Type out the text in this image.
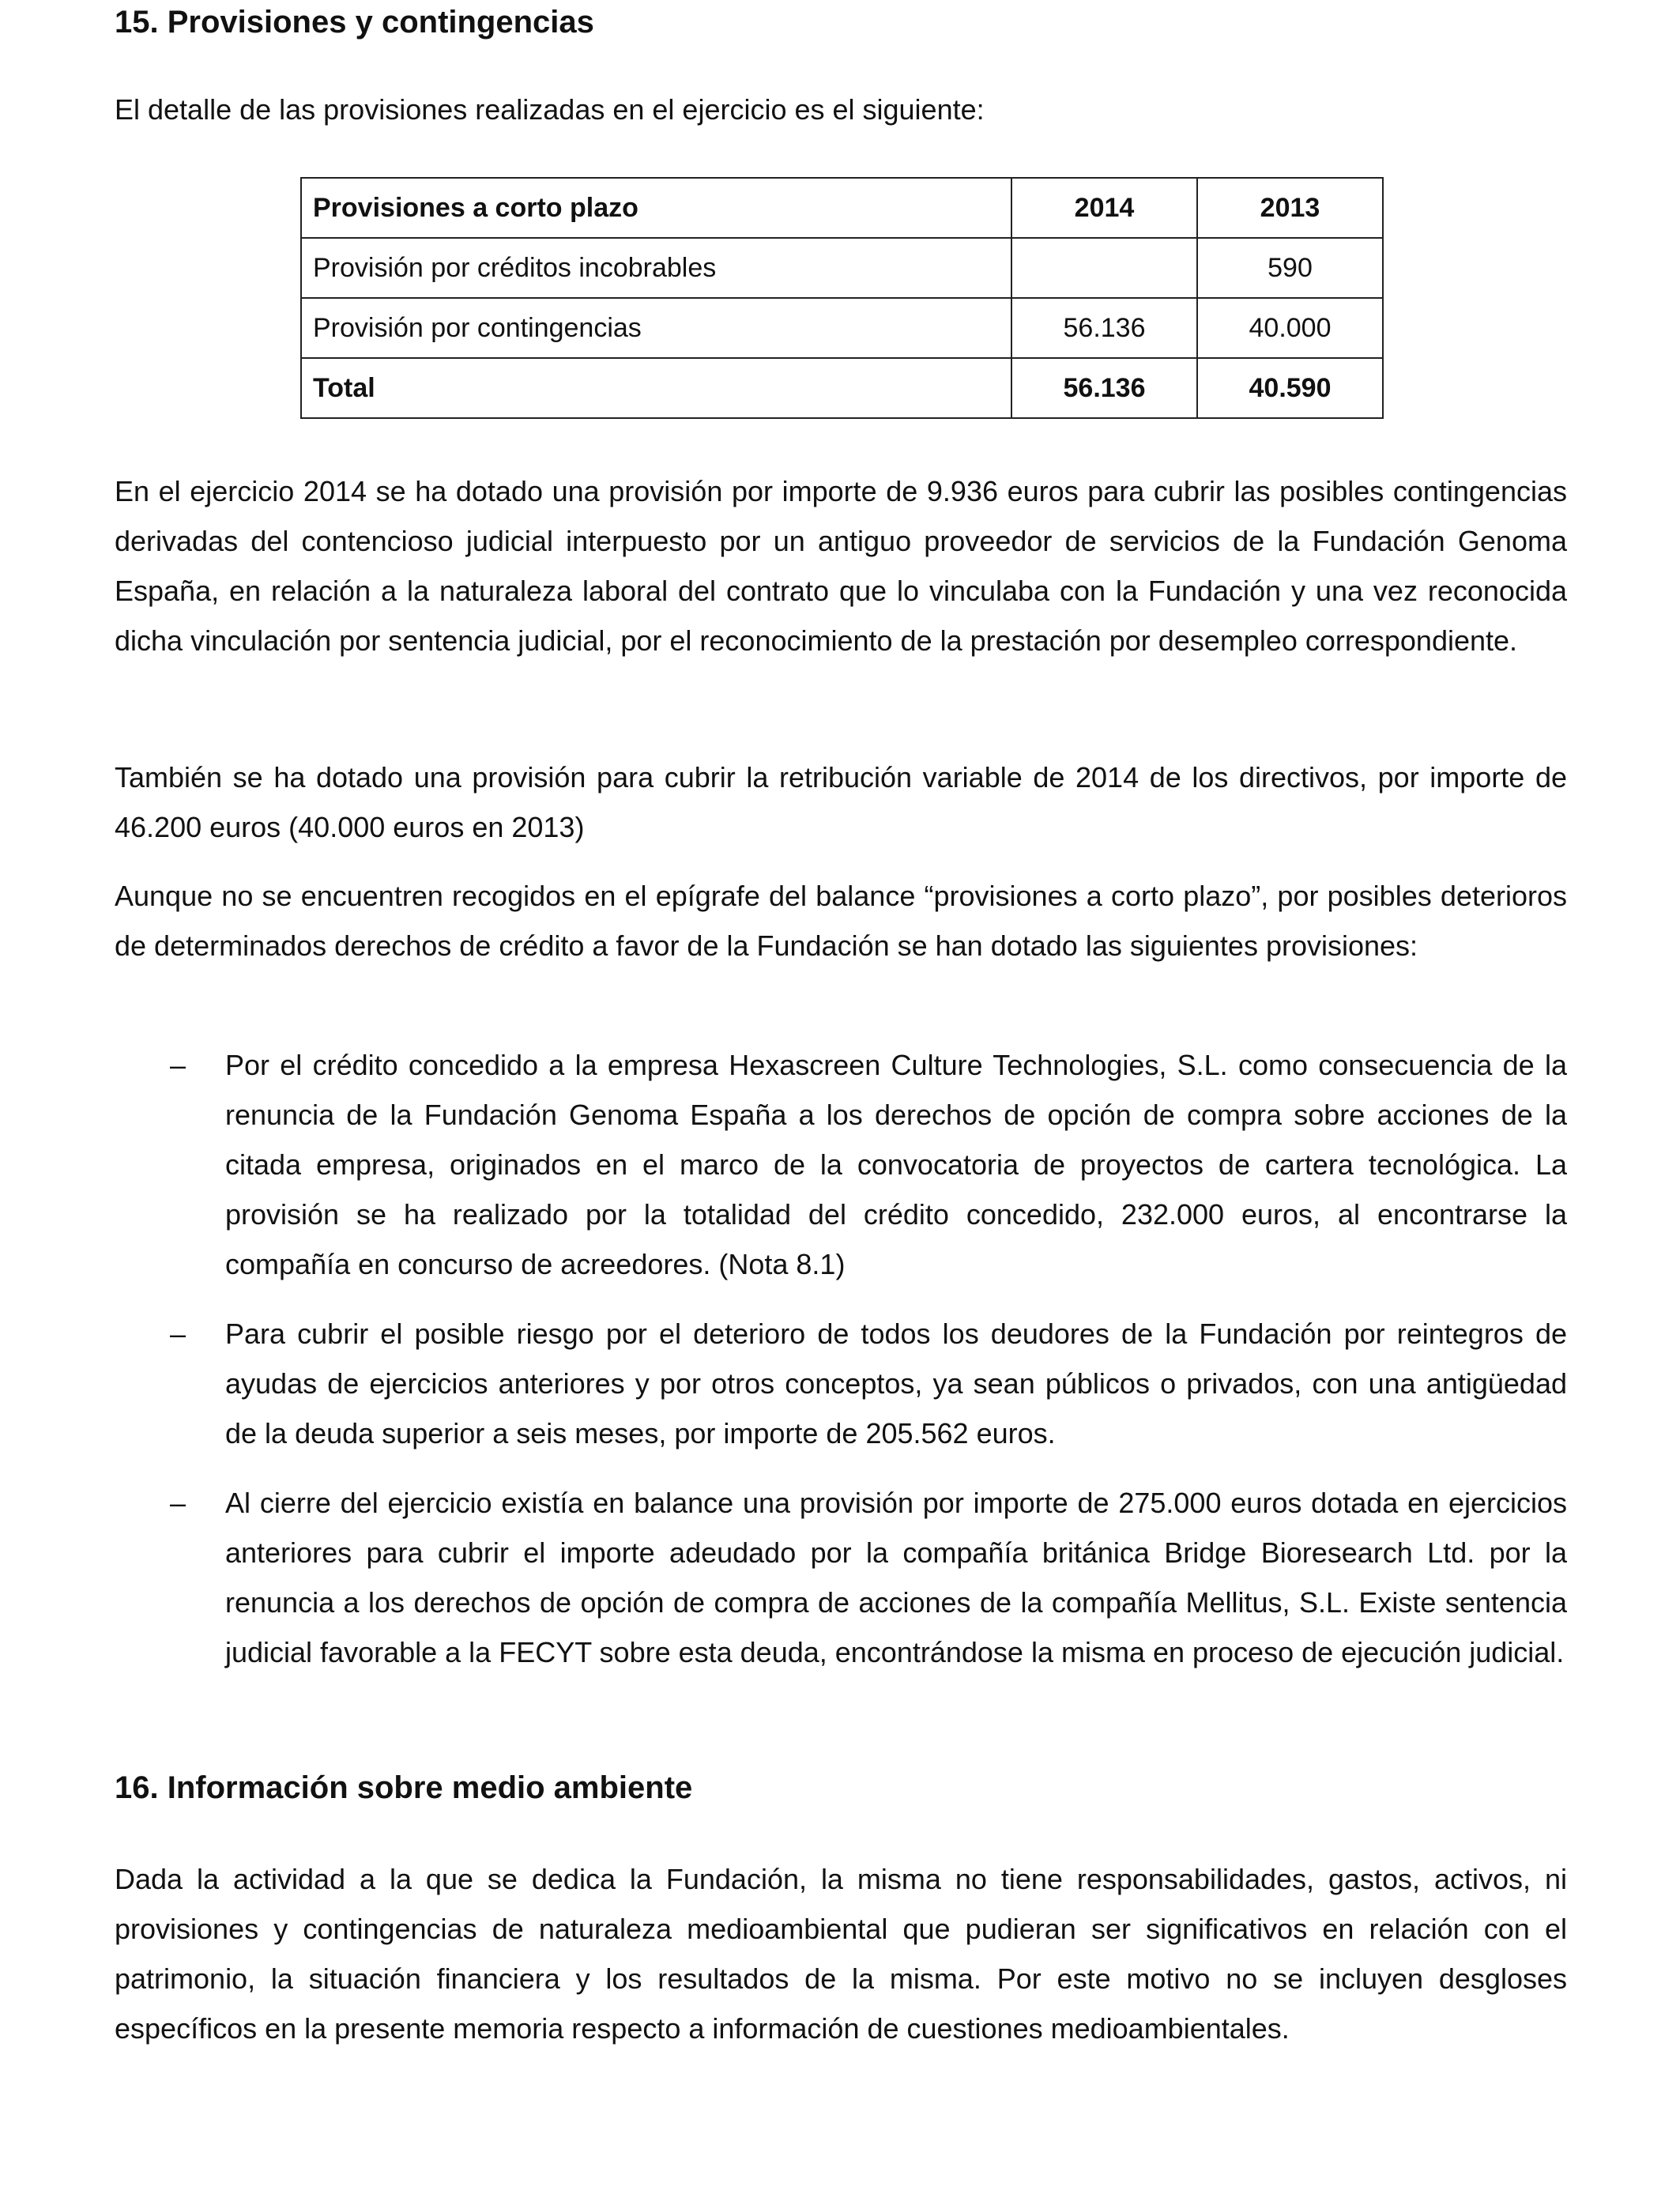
15. Provisiones y contingencias

El detalle de las provisiones realizadas en el ejercicio es el siguiente:

Provisiones a corto plazo	2014	2013
Provisión por créditos incobrables		590
Provisión por contingencias	56.136	40.000
Total	56.136	40.590

En el ejercicio 2014 se ha dotado una provisión por importe de 9.936 euros para cubrir las posibles contingencias derivadas del contencioso judicial interpuesto por un antiguo proveedor de servicios de la Fundación Genoma España, en relación a la naturaleza laboral del contrato que lo vinculaba con la Fundación y una vez reconocida dicha vinculación por sentencia judicial, por el reconocimiento de la prestación por desempleo correspondiente.

También se ha dotado una provisión para cubrir la retribución variable de 2014 de los directivos, por importe de 46.200 euros (40.000 euros en 2013)

Aunque no se encuentren recogidos en el epígrafe del balance “provisiones a corto plazo”, por posibles deterioros de determinados derechos de crédito a favor de la Fundación se han dotado las siguientes provisiones:

– Por el crédito concedido a la empresa Hexascreen Culture Technologies, S.L. como consecuencia de la renuncia de la Fundación Genoma España a los derechos de opción de compra sobre acciones de la citada empresa, originados en el marco de la convocatoria de proyectos de cartera tecnológica. La provisión se ha realizado por la totalidad del crédito concedido, 232.000 euros, al encontrarse la compañía en concurso de acreedores. (Nota 8.1)

– Para cubrir el posible riesgo por el deterioro de todos los deudores de la Fundación por reintegros de ayudas de ejercicios anteriores y por otros conceptos, ya sean públicos o privados, con una antigüedad de la deuda superior a seis meses, por importe de 205.562 euros.

– Al cierre del ejercicio existía en balance una provisión por importe de 275.000 euros dotada en ejercicios anteriores para cubrir el importe adeudado por la compañía británica Bridge Bioresearch Ltd. por la renuncia a los derechos de opción de compra de acciones de la compañía Mellitus, S.L. Existe sentencia judicial favorable a la FECYT sobre esta deuda, encontrándose la misma en proceso de ejecución judicial.

16. Información sobre medio ambiente

Dada la actividad a la que se dedica la Fundación, la misma no tiene responsabilidades, gastos, activos, ni provisiones y contingencias de naturaleza medioambiental que pudieran ser significativos en relación con el patrimonio, la situación financiera y los resultados de la misma. Por este motivo no se incluyen desgloses específicos en la presente memoria respecto a información de cuestiones medioambientales.
